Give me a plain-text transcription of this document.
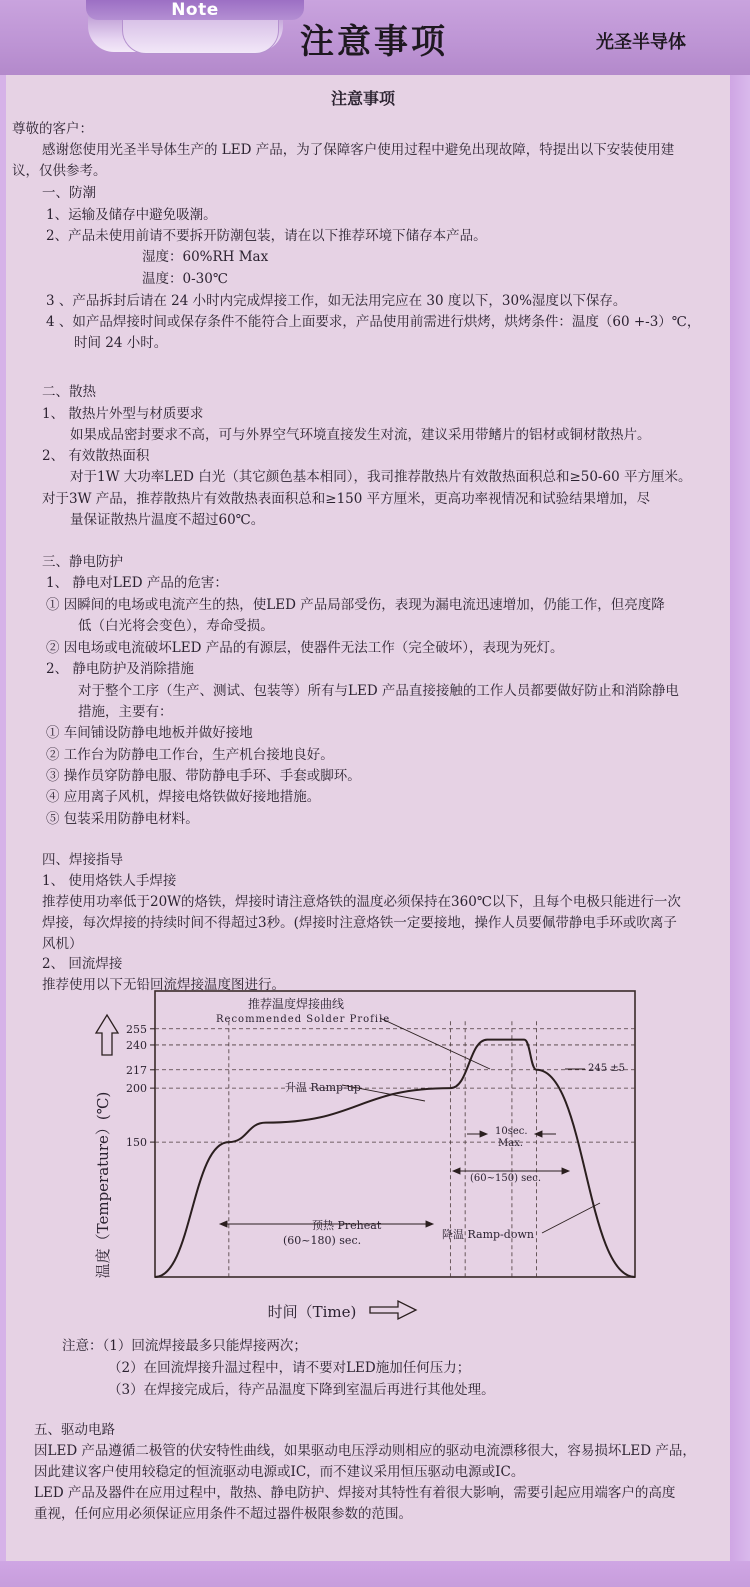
Note
注意事项	光圣半导体
注意事项
尊敬的客户：
感谢您使用光圣半导体生产的 LED 产品，为了保障客户使用过程中避免出现故障，特提出以下安装使用建
议，仅供参考。
一、防潮
1、运输及储存中避免吸潮。
2、产品未使用前请不要拆开防潮包装，请在以下推荐环境下储存本产品。
湿度：60%RH Max
温度：0-30℃
3 、产品拆封后请在 24 小时内完成焊接工作，如无法用完应在 30 度以下，30%湿度以下保存。
4 、如产品焊接时间或保存条件不能符合上面要求，产品使用前需进行烘烤，烘烤条件：温度（60 +-3）℃，
时间 24 小时。
二、散热
1、 散热片外型与材质要求
如果成品密封要求不高，可与外界空气环境直接发生对流，建议采用带鳍片的铝材或铜材散热片。
2、 有效散热面积
对于1W 大功率LED 白光（其它颜色基本相同），我司推荐散热片有效散热面积总和≥50-60 平方厘米。
对于3W 产品，推荐散热片有效散热表面积总和≥150 平方厘米，更高功率视情况和试验结果增加，尽
量保证散热片温度不超过60℃。
三、静电防护
1、 静电对LED 产品的危害：
① 因瞬间的电场或电流产生的热，使LED 产品局部受伤，表现为漏电流迅速增加，仍能工作，但亮度降
低（白光将会变色），寿命受损。
② 因电场或电流破坏LED 产品的有源层，使器件无法工作（完全破坏），表现为死灯。
2、 静电防护及消除措施
对于整个工序（生产、测试、包装等）所有与LED 产品直接接触的工作人员都要做好防止和消除静电
措施，主要有：
① 车间铺设防静电地板并做好接地
② 工作台为防静电工作台，生产机台接地良好。
③ 操作员穿防静电服、带防静电手环、手套或脚环。
④ 应用离子风机，焊接电烙铁做好接地措施。
⑤ 包装采用防静电材料。
四、焊接指导
1、 使用烙铁人手焊接
推荐使用功率低于20W的烙铁，焊接时请注意烙铁的温度必须保持在360℃以下，且每个电极只能进行一次
焊接，每次焊接的持续时间不得超过3秒。(焊接时注意烙铁一定要接地，操作人员要佩带静电手环或吹离子
风机）
2、 回流焊接
推荐使用以下无铅回流焊接温度图进行。
150
200
217
240
255
温度（Temperature）(℃)
时间（Time)
推荐温度焊接曲线
Recommended Solder Profile
升温 Ramp-up
预热 Preheat
(60~180) sec.
10sec.
Max.
(60~150) sec.
降温 Ramp-down
245 ±5
注意：（1）回流焊接最多只能焊接两次；
（2）在回流焊接升温过程中，请不要对LED施加任何压力；
（3）在焊接完成后，待产品温度下降到室温后再进行其他处理。
五、驱动电路
因LED 产品遵循二极管的伏安特性曲线，如果驱动电压浮动则相应的驱动电流漂移很大，容易损坏LED 产品，
因此建议客户使用较稳定的恒流驱动电源或IC，而不建议采用恒压驱动电源或IC。
LED 产品及器件在应用过程中，散热、静电防护、焊接对其特性有着很大影响，需要引起应用端客户的高度
重视，任何应用必须保证应用条件不超过器件极限参数的范围。
